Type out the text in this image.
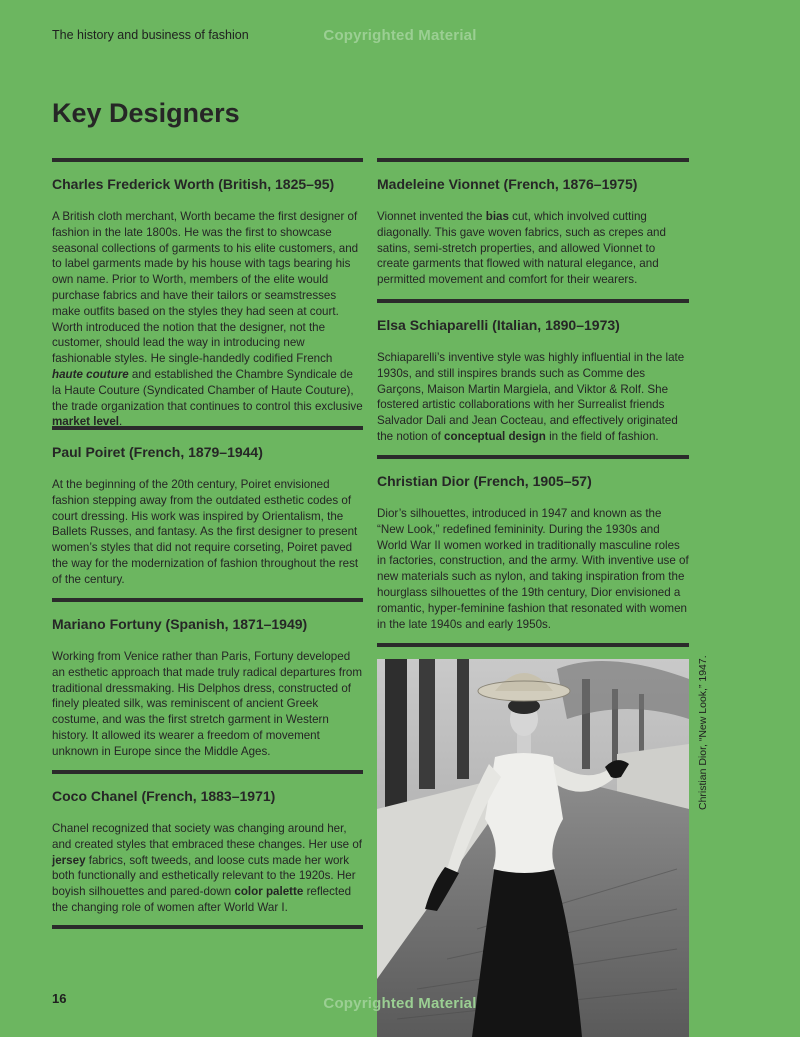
The history and business of fashion	Copyrighted Material
Key Designers
Charles Frederick Worth (British, 1825–95)

A British cloth merchant, Worth became the first designer of fashion in the late 1800s. He was the first to showcase seasonal collections of garments to his elite customers, and to label garments made by his house with tags bearing his own name. Prior to Worth, members of the elite would purchase fabrics and have their tailors or seamstresses make outfits based on the styles they had seen at court. Worth introduced the notion that the designer, not the customer, should lead the way in introducing new fashionable styles. He single-handedly codified French haute couture and established the Chambre Syndicale de la Haute Couture (Syndicated Chamber of Haute Couture), the trade organization that continues to control this exclusive market level.

Paul Poiret (French, 1879–1944)

At the beginning of the 20th century, Poiret envisioned fashion stepping away from the outdated esthetic codes of court dressing. His work was inspired by Orientalism, the Ballets Russes, and fantasy. As the first designer to present women’s styles that did not require corseting, Poiret paved the way for the modernization of fashion throughout the rest of the century.

Mariano Fortuny (Spanish, 1871–1949)

Working from Venice rather than Paris, Fortuny developed an esthetic approach that made truly radical departures from traditional dressmaking. His Delphos dress, constructed of finely pleated silk, was reminiscent of ancient Greek costume, and was the first stretch garment in Western history. It allowed its wearer a freedom of movement unknown in Europe since the Middle Ages.

Coco Chanel (French, 1883–1971)

Chanel recognized that society was changing around her, and created styles that embraced these changes. Her use of jersey fabrics, soft tweeds, and loose cuts made her work both functionally and esthetically relevant to the 1920s. Her boyish silhouettes and pared-down color palette reflected the changing role of women after World War I.

Madeleine Vionnet (French, 1876–1975)

Vionnet invented the bias cut, which involved cutting diagonally. This gave woven fabrics, such as crepes and satins, semi-stretch properties, and allowed Vionnet to create garments that flowed with natural elegance, and permitted movement and comfort for their wearers.

Elsa Schiaparelli (Italian, 1890–1973)

Schiaparelli’s inventive style was highly influential in the late 1930s, and still inspires brands such as Comme des Garçons, Maison Martin Margiela, and Viktor & Rolf. She fostered artistic collaborations with her Surrealist friends Salvador Dali and Jean Cocteau, and effectively originated the notion of conceptual design in the field of fashion.

Christian Dior (French, 1905–57)

Dior’s silhouettes, introduced in 1947 and known as the “New Look,” redefined femininity. During the 1930s and World War II women worked in traditionally masculine roles in factories, construction, and the army. With inventive use of new materials such as nylon, and taking inspiration from the hourglass silhouettes of the 19th century, Dior envisioned a romantic, hyper-feminine fashion that resonated with women in the late 1940s and early 1950s.

Christian Dior, “New Look,” 1947.
16	Copyrighted Material
